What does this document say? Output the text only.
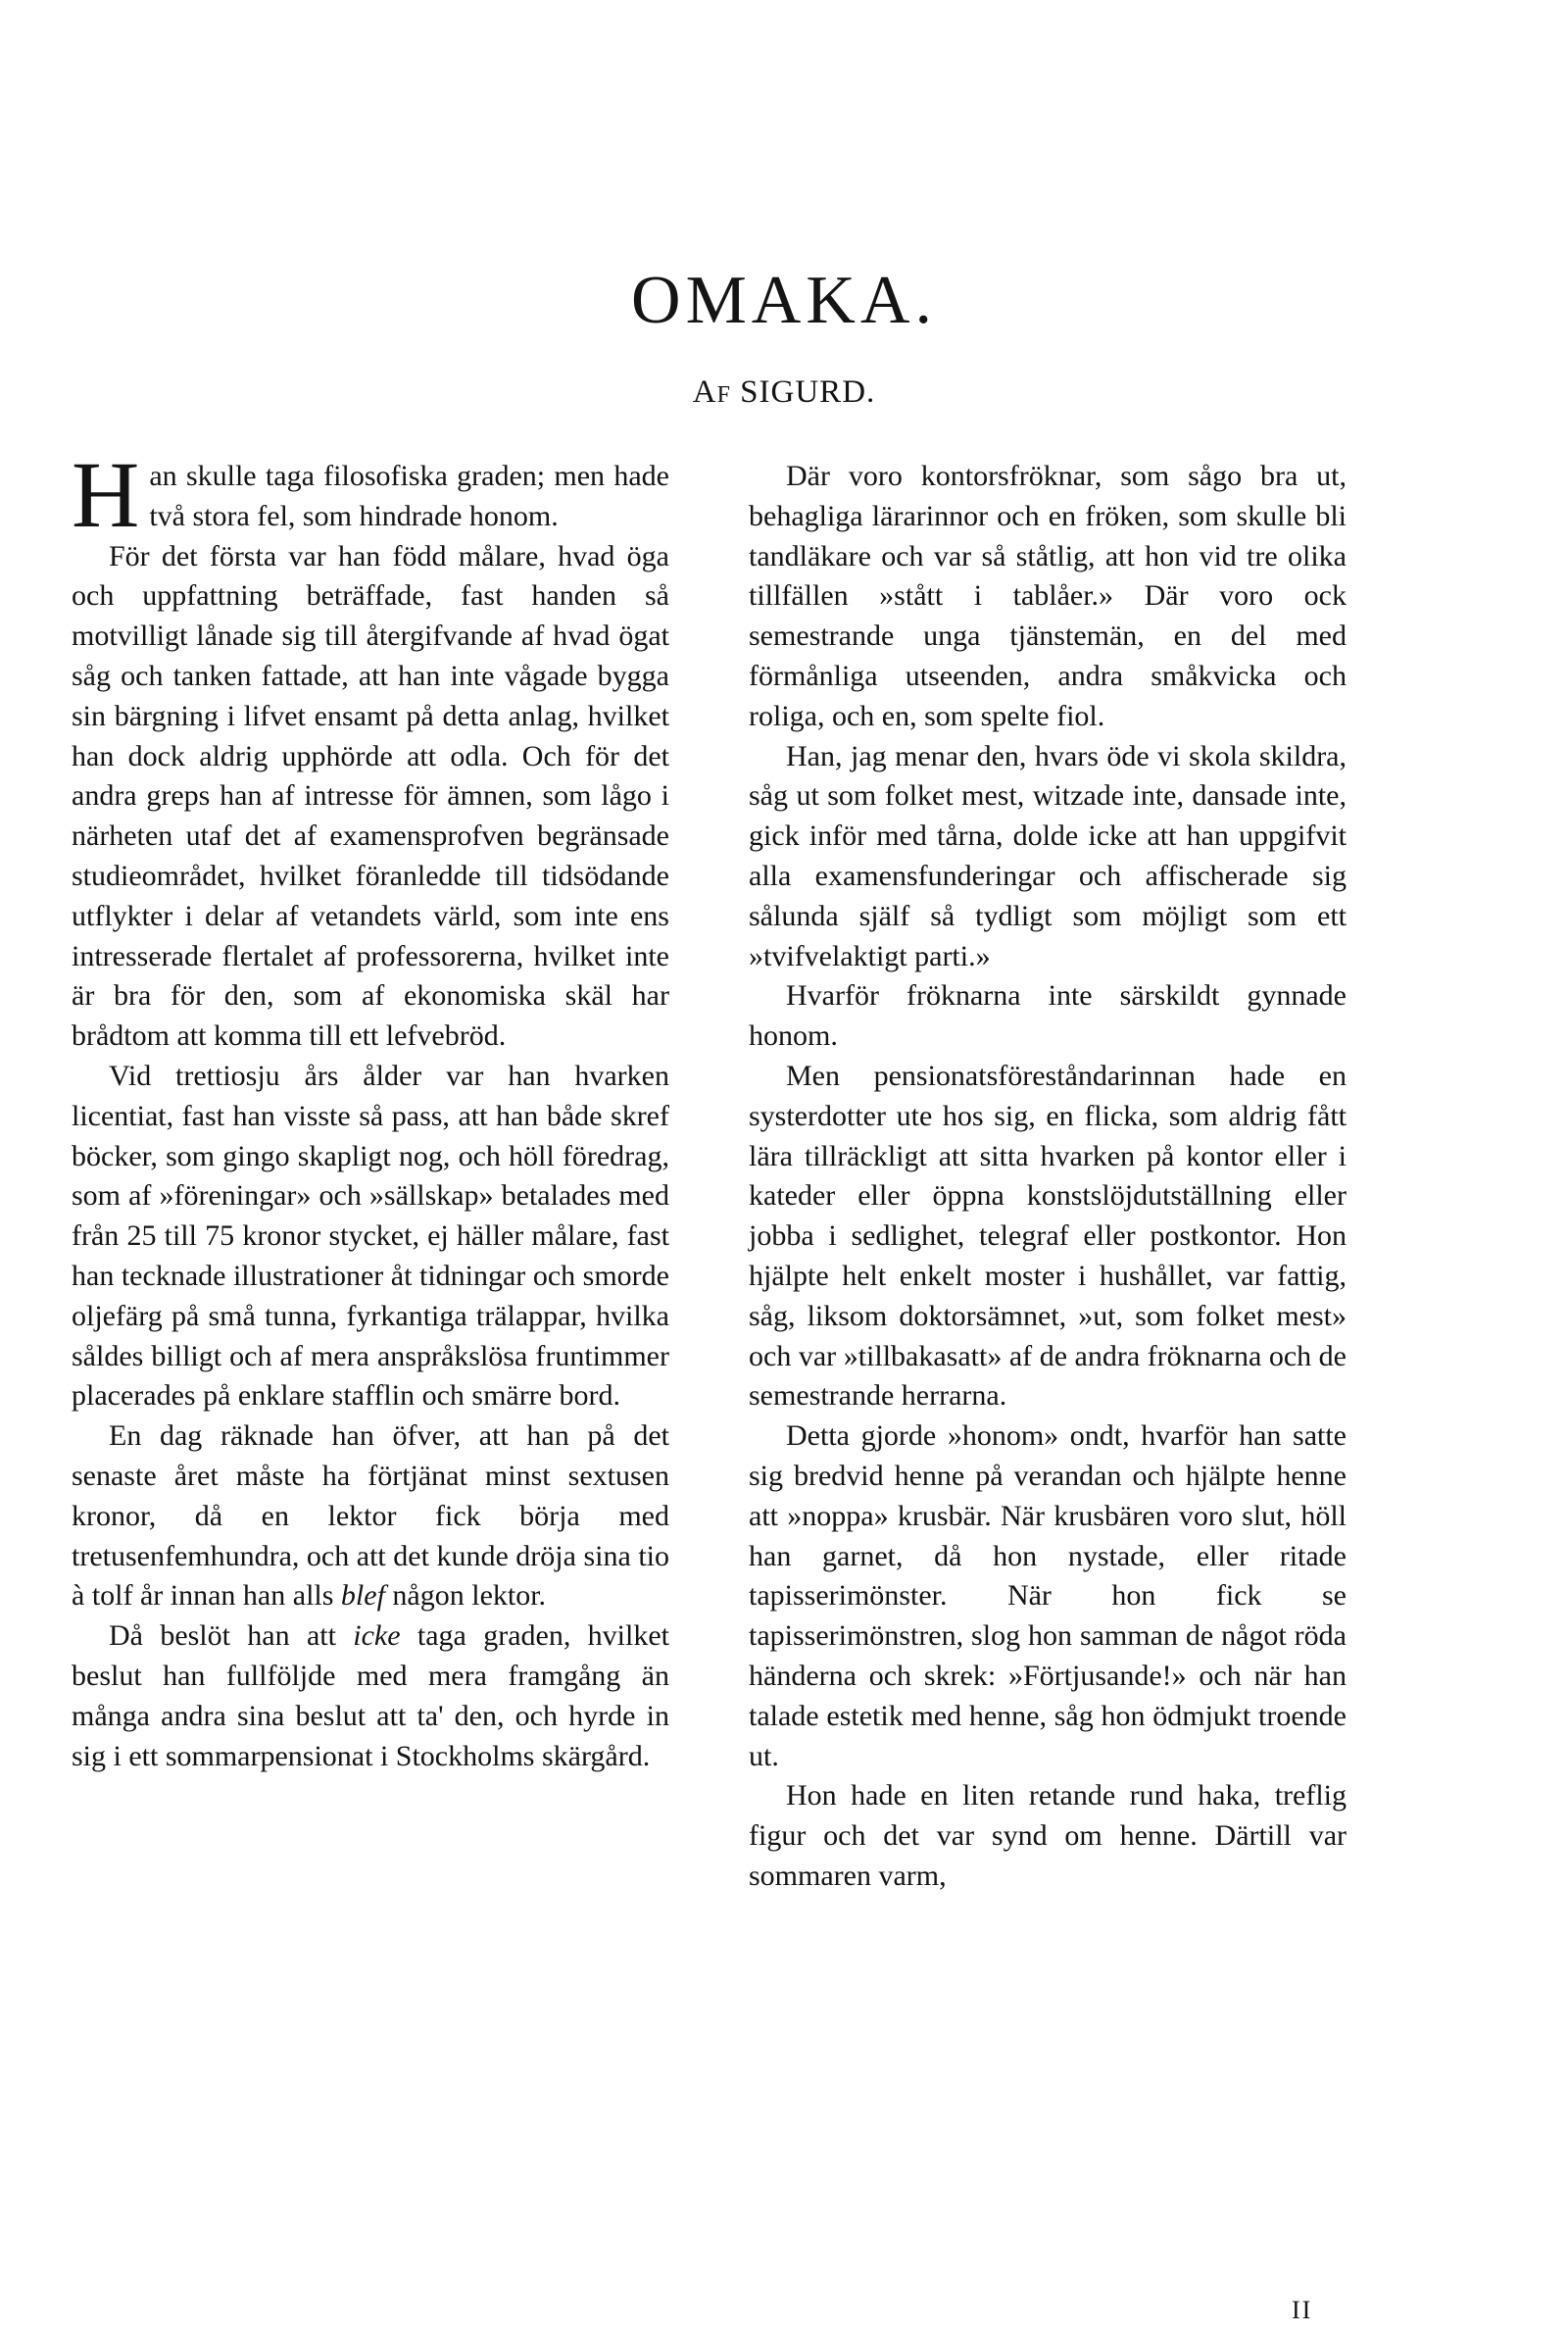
OMAKA.
AF SIGURD.

Han skulle taga filosofiska graden; men hade två stora fel, som hindrade honom.

För det första var han född målare, hvad öga och uppfattning beträffade, fast handen så motvilligt lånade sig till återgifvande af hvad ögat såg och tanken fattade, att han inte vågade bygga sin bärgning i lifvet ensamt på detta anlag, hvilket han dock aldrig upphörde att odla. Och för det andra greps han af intresse för ämnen, som lågo i närheten utaf det af examensprofven begränsade studieområdet, hvilket föranledde till tidsödande utflykter i delar af vetandets värld, som inte ens intresserade flertalet af professorerna, hvilket inte är bra för den, som af ekonomiska skäl har brådtom att komma till ett lefvebröd.

Vid trettiosju års ålder var han hvarken licentiat, fast han visste så pass, att han både skref böcker, som gingo skapligt nog, och höll föredrag, som af »föreningar» och »sällskap» betalades med från 25 till 75 kronor stycket, ej häller målare, fast han tecknade illustrationer åt tidningar och smorde oljefärg på små tunna, fyrkantiga trälappar, hvilka såldes billigt och af mera anspråkslösa fruntimmer placerades på enklare stafflin och smärre bord.

En dag räknade han öfver, att han på det senaste året måste ha förtjänat minst sextusen kronor, då en lektor fick börja med tretusenfemhundra, och att det kunde dröja sina tio à tolf år innan han alls blef någon lektor.

Då beslöt han att icke taga graden, hvilket beslut han fullföljde med mera framgång än många andra sina beslut att ta' den, och hyrde in sig i ett sommarpensionat i Stockholms skärgård.

Där voro kontorsfröknar, som sågo bra ut, behagliga lärarinnor och en fröken, som skulle bli tandläkare och var så ståtlig, att hon vid tre olika tillfällen »stått i tablåer.» Där voro ock semestrande unga tjänstemän, en del med förmånliga utseenden, andra småkvicka och roliga, och en, som spelte fiol.

Han, jag menar den, hvars öde vi skola skildra, såg ut som folket mest, witzade inte, dansade inte, gick inför med tårna, dolde icke att han uppgifvit alla examensfunderingar och affischerade sig sålunda själf så tydligt som möjligt som ett »tvifvelaktigt parti.»

Hvarför fröknarna inte särskildt gynnade honom.

Men pensionatsföreståndarinnan hade en systerdotter ute hos sig, en flicka, som aldrig fått lära tillräckligt att sitta hvarken på kontor eller i kateder eller öppna konstslöjdutställning eller jobba i sedlighet, telegraf eller postkontor. Hon hjälpte helt enkelt moster i hushållet, var fattig, såg, liksom doktorsämnet, »ut, som folket mest» och var »tillbakasatt» af de andra fröknarna och de semestrande herrarna.

Detta gjorde »honom» ondt, hvarför han satte sig bredvid henne på verandan och hjälpte henne att »noppa» krusbär. När krusbären voro slut, höll han garnet, då hon nystade, eller ritade tapisserimönster. När hon fick se tapisserimönstren, slog hon samman de något röda händerna och skrek: »Förtjusande!» och när han talade estetik med henne, såg hon ödmjukt troende ut.

Hon hade en liten retande rund haka, treflig figur och det var synd om henne. Därtill var sommaren varm,

II
